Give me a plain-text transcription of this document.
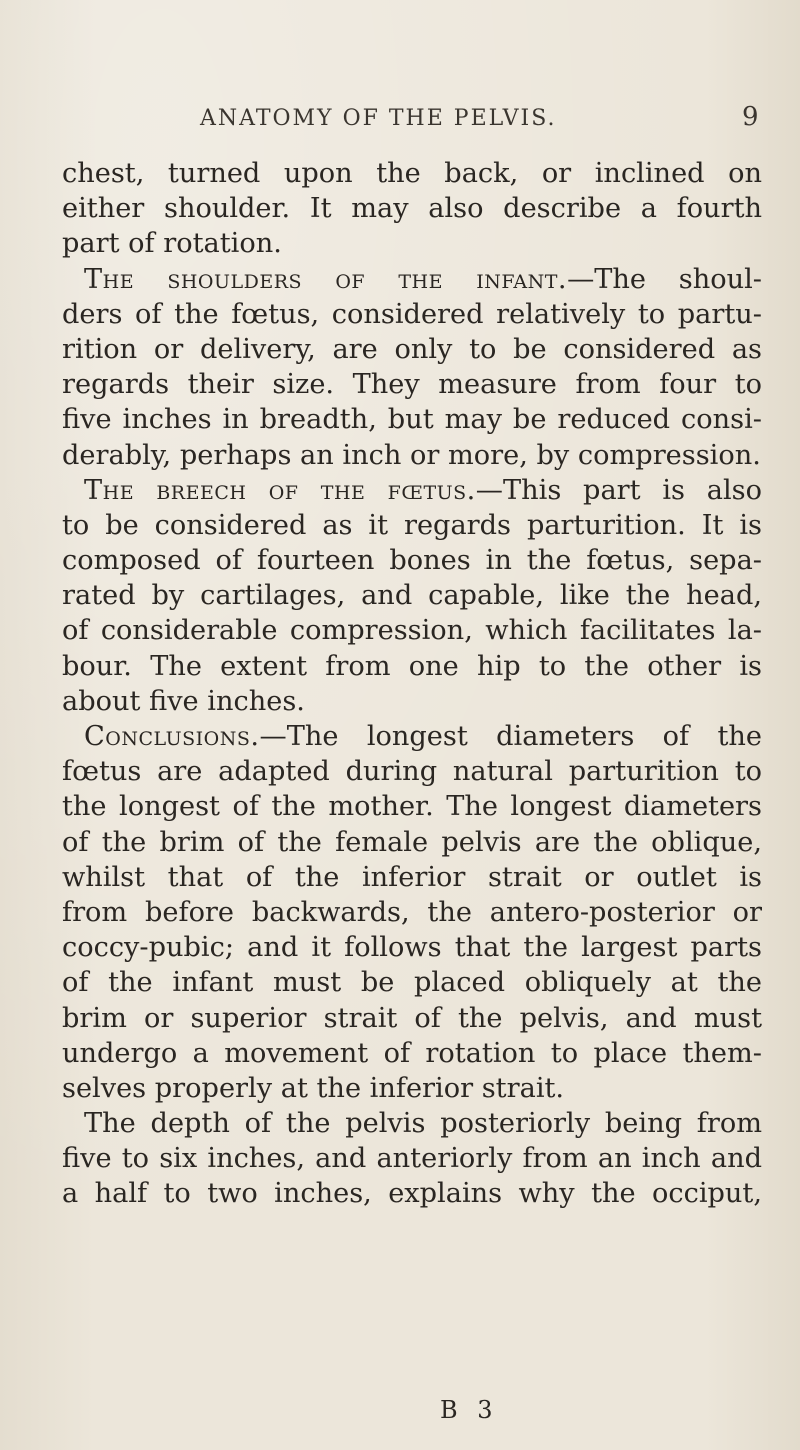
ANATOMY OF THE PELVIS.	9
chest, turned upon the back, or inclined on
either shoulder. It may also describe a fourth
part of rotation.
The shoulders of the infant.—The shoul-
ders of the fœtus, considered relatively to partu-
rition or delivery, are only to be considered as
regards their size. They measure from four to
five inches in breadth, but may be reduced consi-
derably, perhaps an inch or more, by compression.
The breech of the fœtus.—This part is also
to be considered as it regards parturition. It is
composed of fourteen bones in the fœtus, sepa-
rated by cartilages, and capable, like the head,
of considerable compression, which facilitates la-
bour. The extent from one hip to the other is
about five inches.
Conclusions.—The longest diameters of the
fœtus are adapted during natural parturition to
the longest of the mother. The longest diameters
of the brim of the female pelvis are the oblique,
whilst that of the inferior strait or outlet is
from before backwards, the antero-posterior or
coccy-pubic; and it follows that the largest parts
of the infant must be placed obliquely at the
brim or superior strait of the pelvis, and must
undergo a movement of rotation to place them-
selves properly at the inferior strait.
The depth of the pelvis posteriorly being from
five to six inches, and anteriorly from an inch and
a half to two inches, explains why the occiput,
B 3
